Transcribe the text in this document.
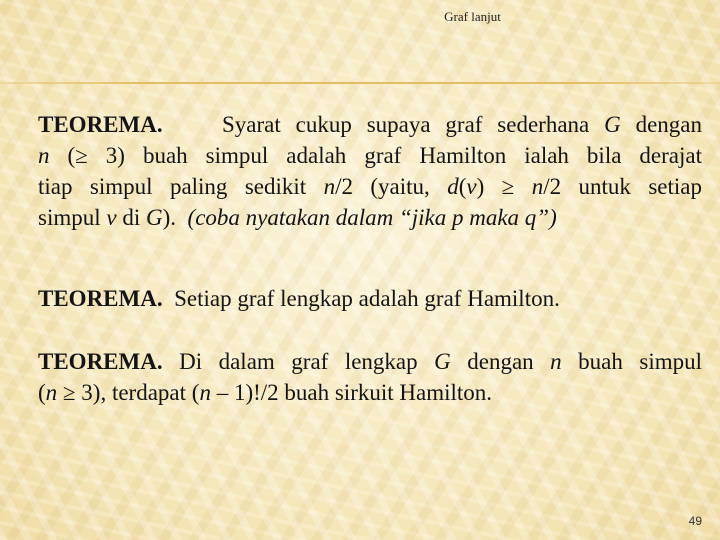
Graf lanjut

TEOREMA.	Syarat cukup supaya graf sederhana G dengan
n (≥ 3) buah simpul adalah graf Hamilton ialah bila derajat
tiap simpul paling sedikit n/2 (yaitu, d(v) ≥ n/2 untuk setiap
simpul v di G).  (coba nyatakan dalam “jika p maka q”)

TEOREMA. Setiap graf lengkap adalah graf Hamilton.

TEOREMA. Di dalam graf lengkap G dengan n buah simpul
(n ≥ 3), terdapat (n – 1)!/2 buah sirkuit Hamilton.

49
